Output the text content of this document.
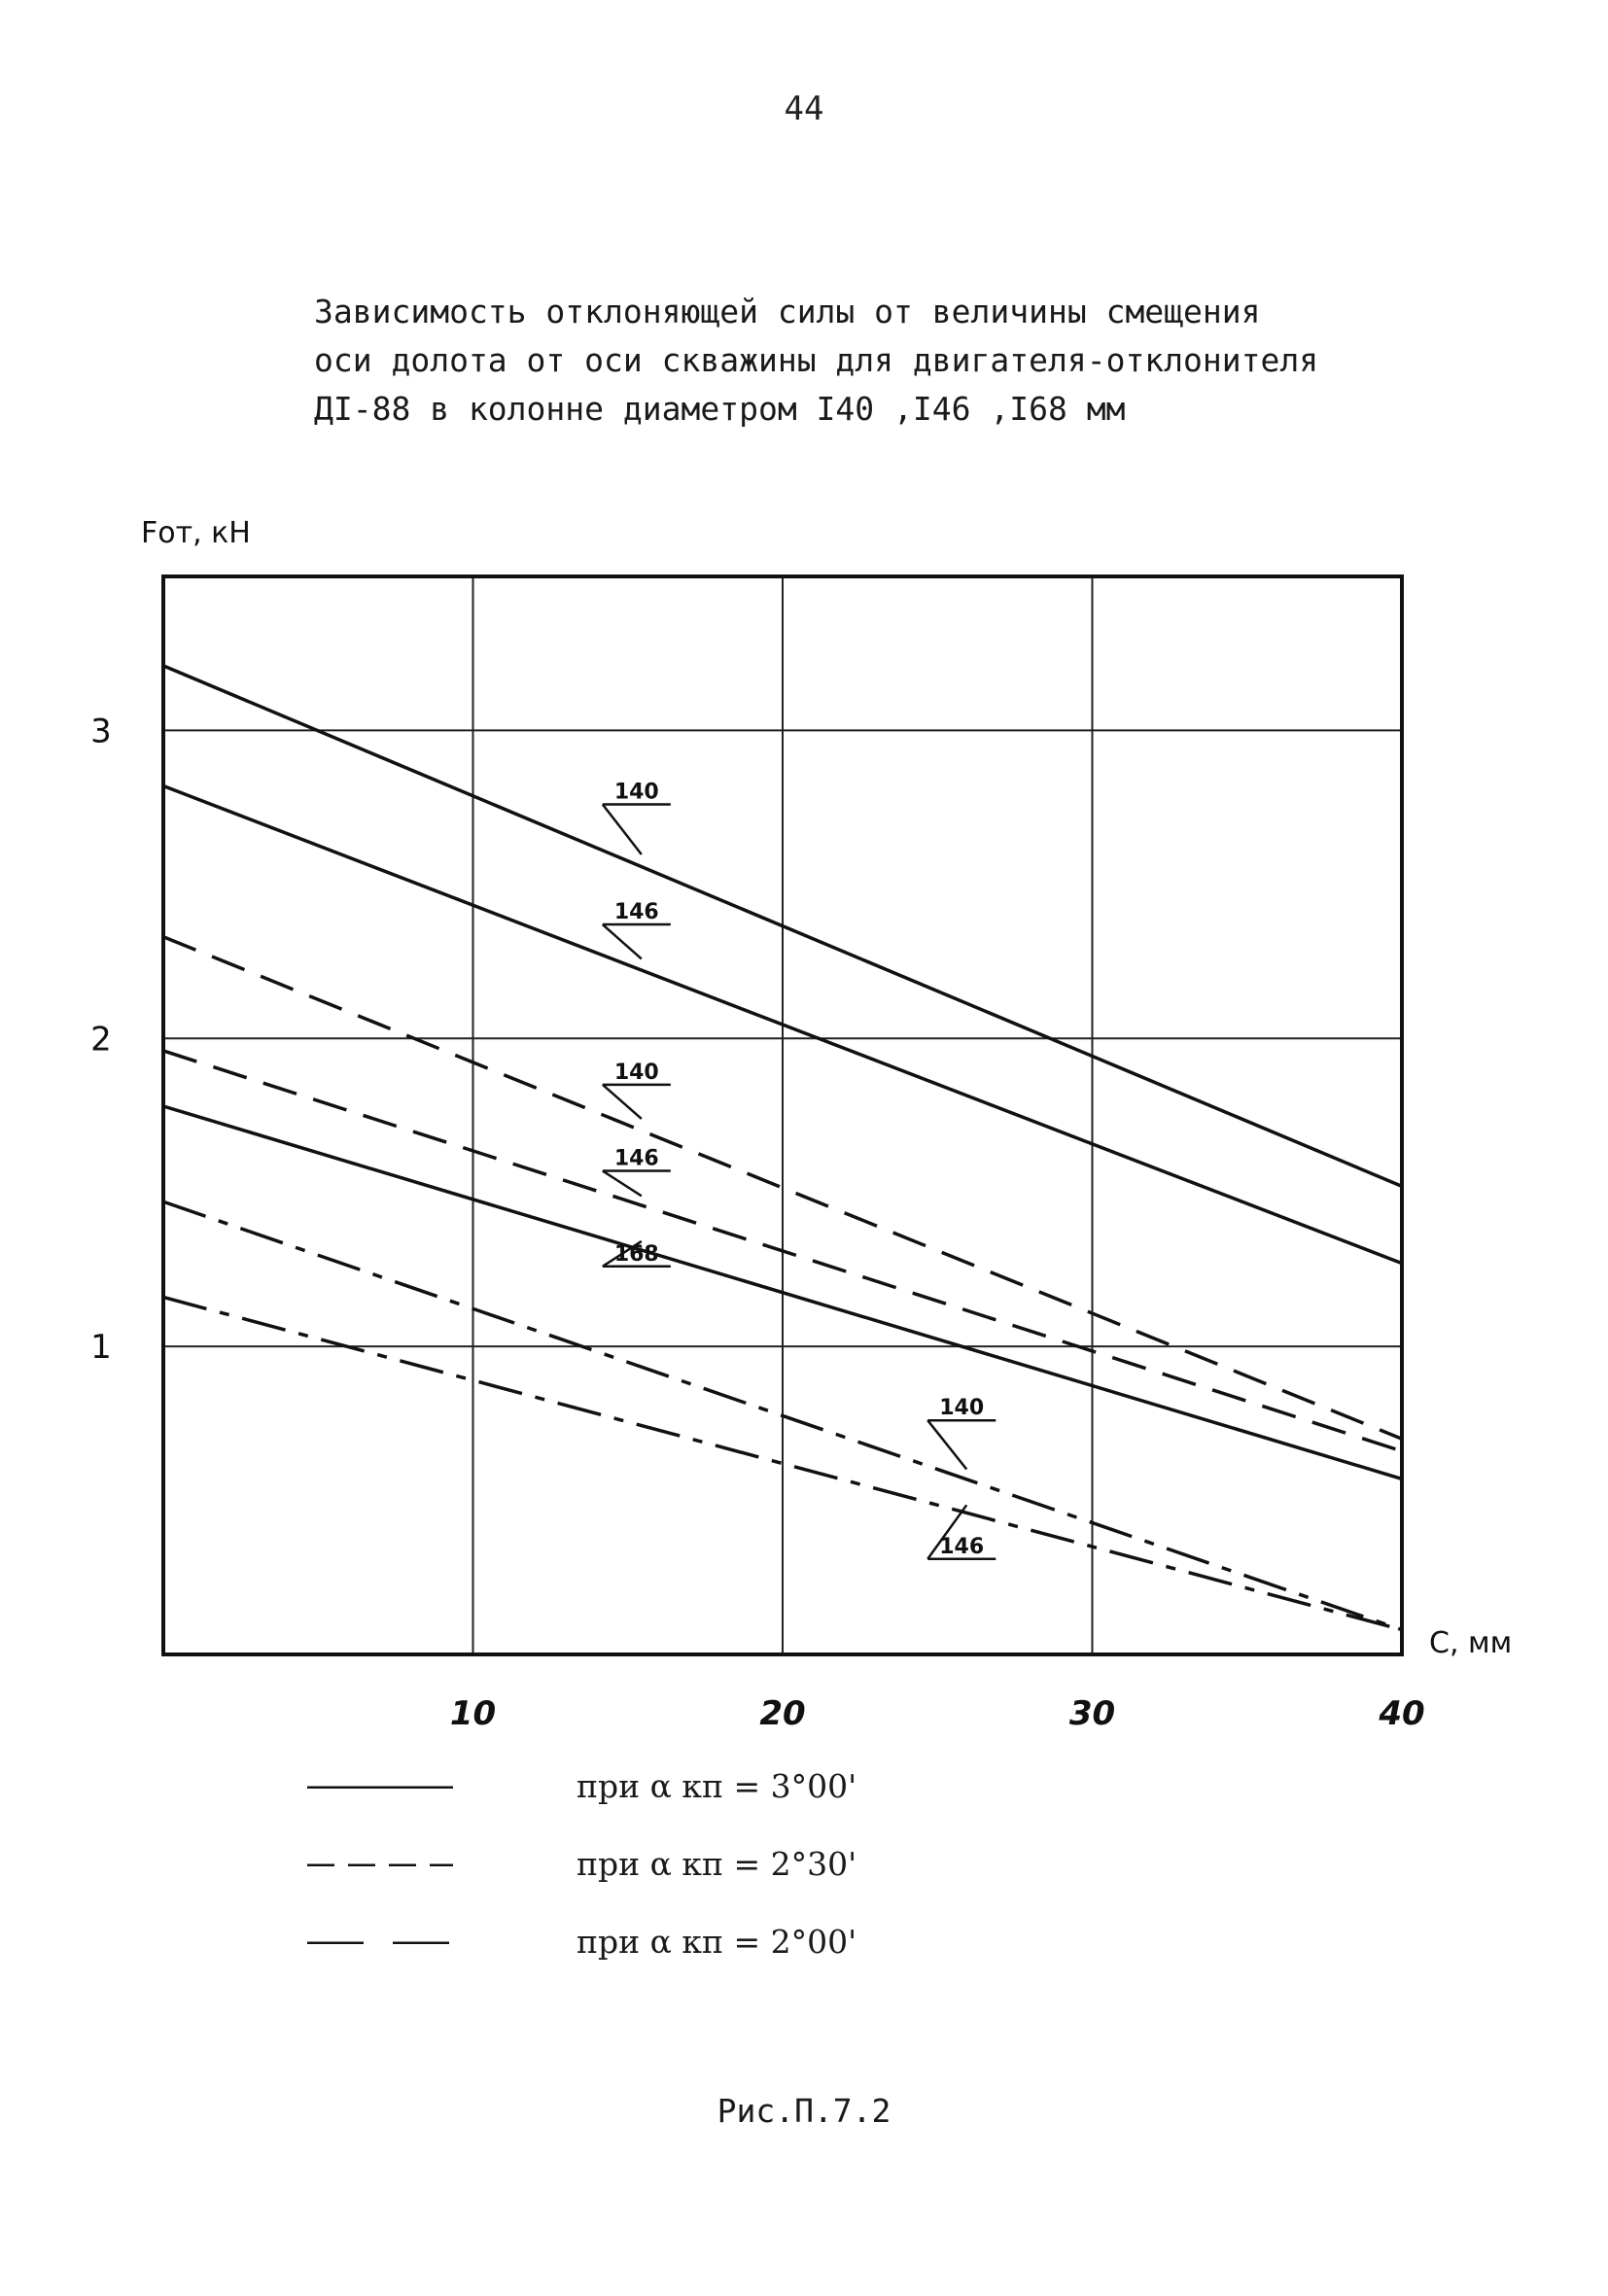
44
Зависимость отклоняющей силы от величины смещения
оси долота от оси скважины для двигателя-отклонителя
ДI-88 в колонне диаметром I40 ,I46 ,I68 мм
10	20	30	40
1
2
3
Fот, кН
C, мм
140
146
140
146
168
140
146
при α кп = 3°00'
при α кп = 2°30'
при α кп = 2°00'
Рис.П.7.2
